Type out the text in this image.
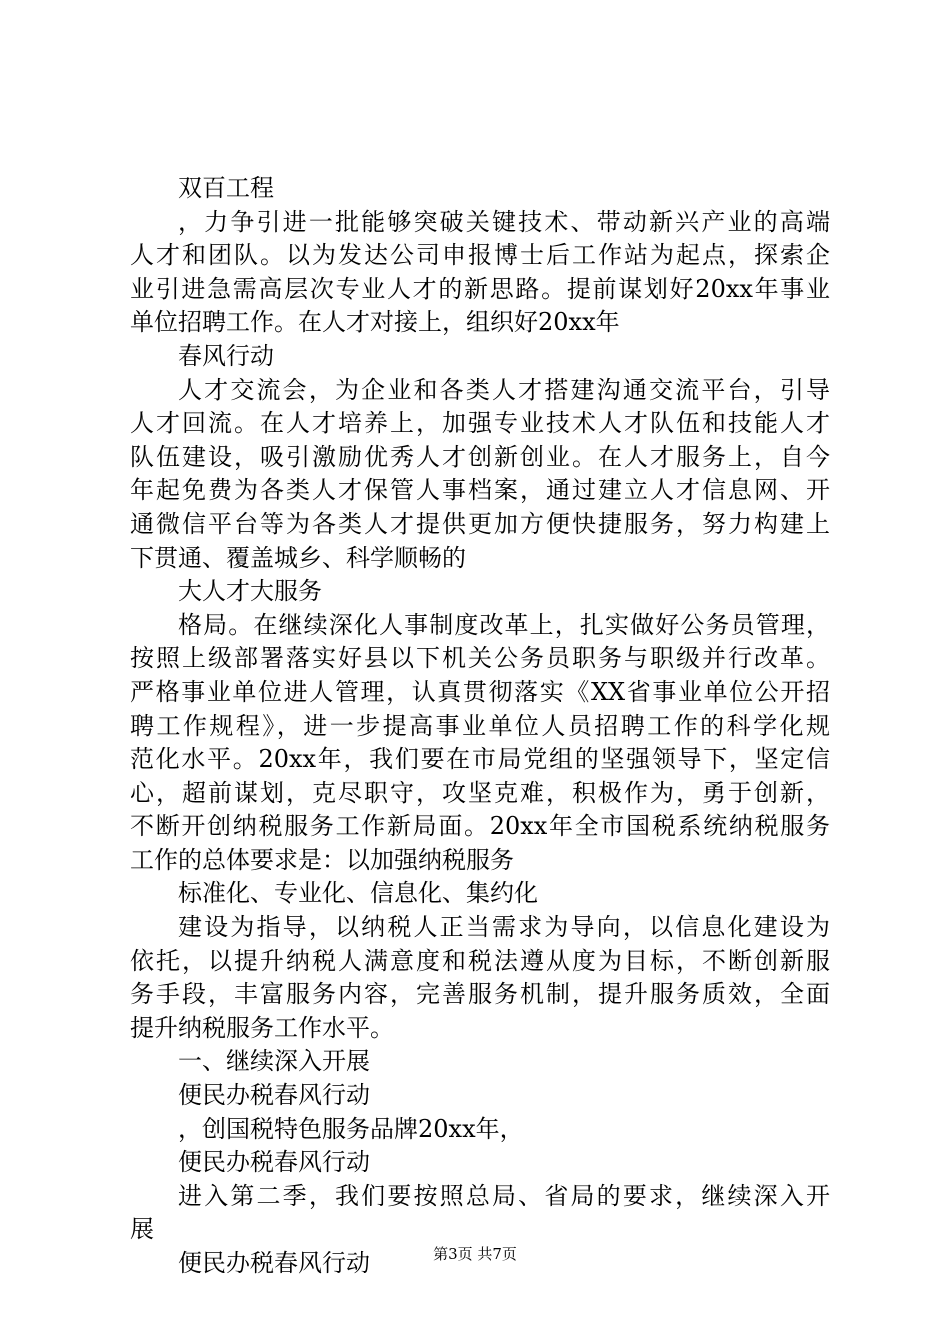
双百工程
，力争引进一批能够突破关键技术、带动新兴产业的高端
人才和团队。以为发达公司申报博士后工作站为起点，探索企
业引进急需高层次专业人才的新思路。提前谋划好20xx年事业
单位招聘工作。在人才对接上，组织好20xx年
春风行动
人才交流会，为企业和各类人才搭建沟通交流平台，引导
人才回流。在人才培养上，加强专业技术人才队伍和技能人才
队伍建设，吸引激励优秀人才创新创业。在人才服务上，自今
年起免费为各类人才保管人事档案，通过建立人才信息网、开
通微信平台等为各类人才提供更加方便快捷服务，努力构建上
下贯通、覆盖城乡、科学顺畅的
大人才大服务
格局。在继续深化人事制度改革上，扎实做好公务员管理，
按照上级部署落实好县以下机关公务员职务与职级并行改革。
严格事业单位进人管理，认真贯彻落实《XX省事业单位公开招
聘工作规程》，进一步提高事业单位人员招聘工作的科学化规
范化水平。20xx年，我们要在市局党组的坚强领导下，坚定信
心，超前谋划，克尽职守，攻坚克难，积极作为，勇于创新，
不断开创纳税服务工作新局面。20xx年全市国税系统纳税服务
工作的总体要求是：以加强纳税服务
标准化、专业化、信息化、集约化
建设为指导，以纳税人正当需求为导向，以信息化建设为
依托，以提升纳税人满意度和税法遵从度为目标，不断创新服
务手段，丰富服务内容，完善服务机制，提升服务质效，全面
提升纳税服务工作水平。
一、继续深入开展
便民办税春风行动
，创国税特色服务品牌20xx年，
便民办税春风行动
进入第二季，我们要按照总局、省局的要求，继续深入开
展
便民办税春风行动	第3页 共7页
